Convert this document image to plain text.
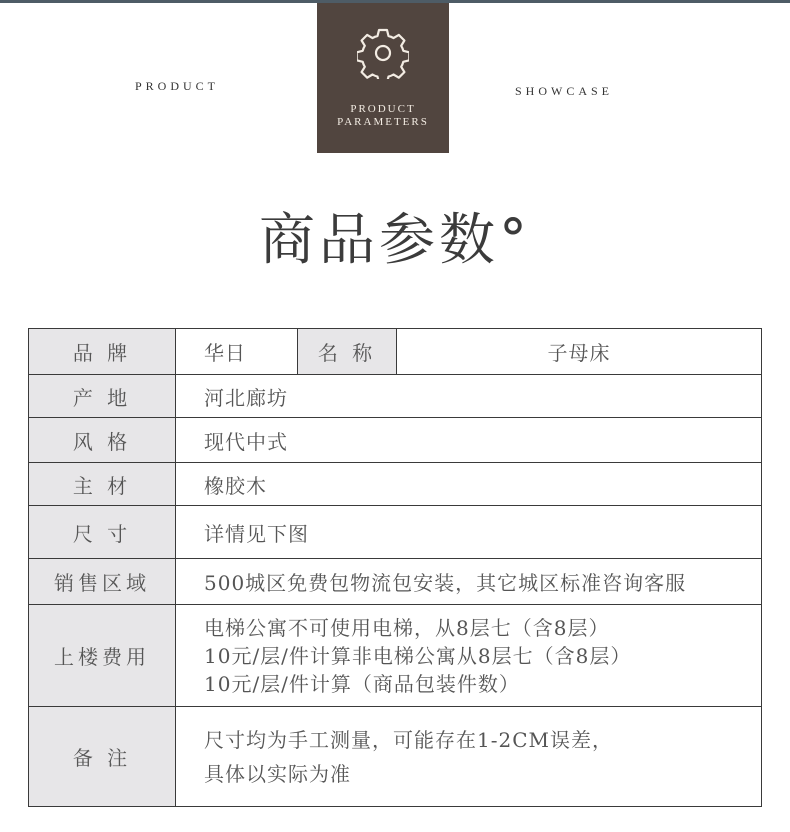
PRODUCT	SHOWCASE
PRODUCT
PARAMETERS
商品参数°
品 牌	华日	名 称	子母床
产 地	河北廊坊		
风 格	现代中式		
主 材	橡胶木		
尺 寸	详情见下图		
销售区域	500城区免费包物流包安装，其它城区标准咨询客服		
上楼费用	电梯公寓不可使用电梯，从8层七（含8层）
10元/层/件计算非电梯公寓从8层七（含8层）
10元/层/件计算（商品包装件数）		

备 注	尺寸均为手工测量，可能存在1-2CM误差，
具体以实际为准		
